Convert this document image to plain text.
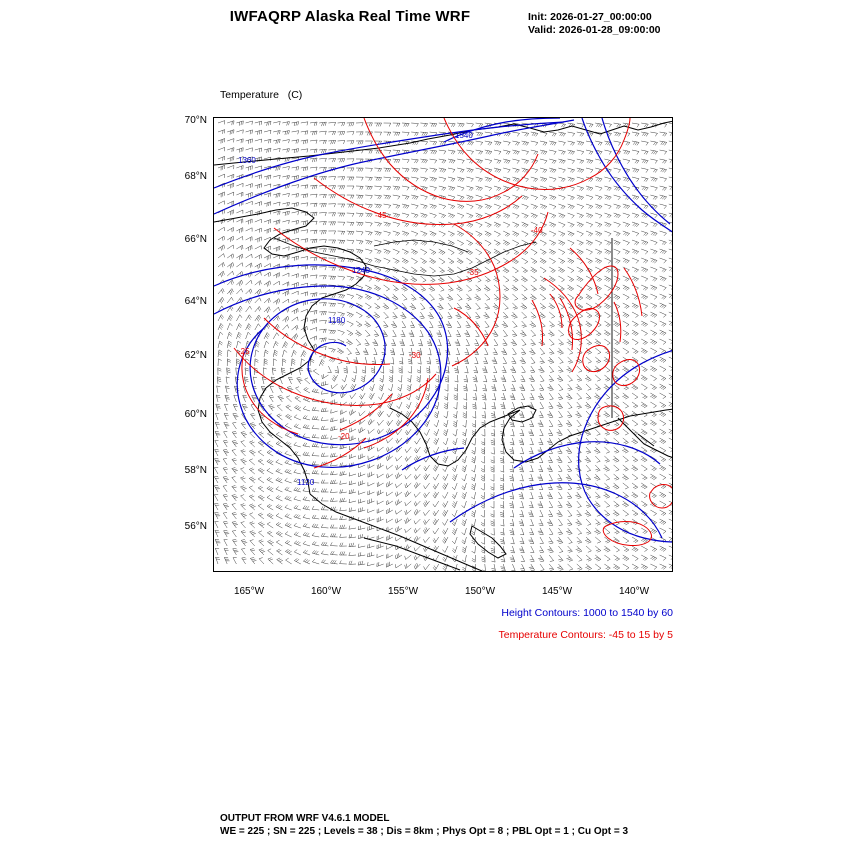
IWFAQRP Alaska Real Time WRF	Init: 2026-01-27_00:00:00
Valid: 2026-01-28_09:00:00

Temperature   (C)

1540
1360
1240
1180
1120
-45
-40
-35
-30
-25
-20
70°N
68°N
66°N
64°N
62°N
60°N
58°N
56°N
165°W	160°W	155°W	150°W	145°W	140°W
Height Contours: 1000 to 1540 by 60
Temperature Contours: -45 to 15 by 5
OUTPUT FROM WRF V4.6.1 MODEL
WE = 225 ; SN = 225 ; Levels = 38 ; Dis = 8km ; Phys Opt = 8 ; PBL Opt = 1 ; Cu Opt = 3
